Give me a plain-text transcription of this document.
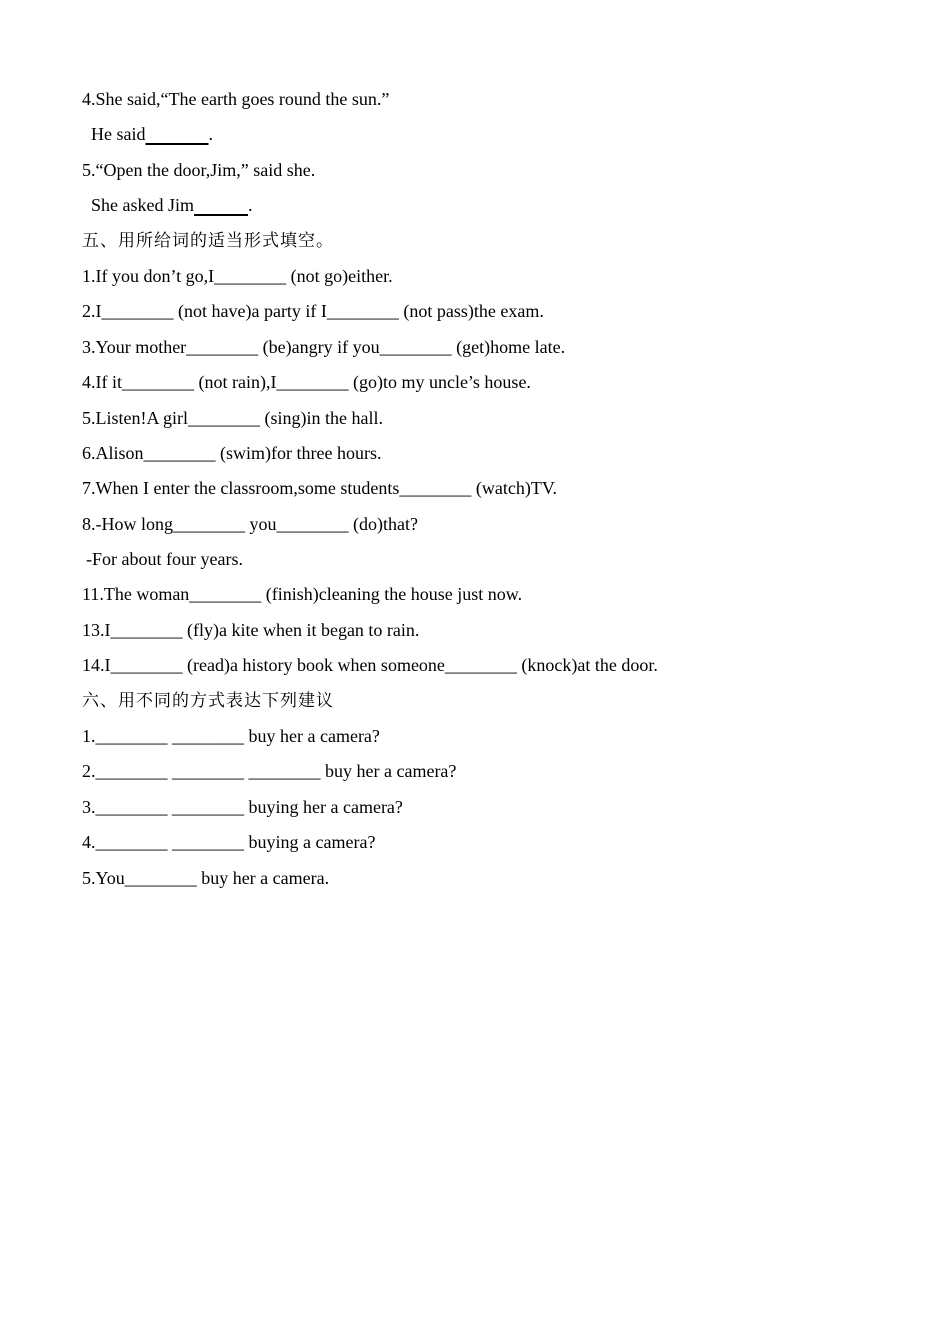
4.She said,“The earth goes round the sun.”
He said	.
5.“Open the door,Jim,” said she.
She asked Jim	.
五、用所给词的适当形式填空。
1.If you don’t go,I________ (not go)either.
2.I________ (not have)a party if I________ (not pass)the exam.
3.Your mother________ (be)angry if you________ (get)home late.
4.If it________ (not rain),I________ (go)to my uncle’s house.
5.Listen!A girl________ (sing)in the hall.
6.Alison________ (swim)for three hours.
7.When I enter the classroom,some students________ (watch)TV.
8.-How long________ you________ (do)that?
-For about four years.
11.The woman________ (finish)cleaning the house just now.
13.I________ (fly)a kite when it began to rain.
14.I________ (read)a history book when someone________ (knock)at the door.
六、用不同的方式表达下列建议
1.________ ________ buy her a camera?
2.________ ________ ________ buy her a camera?
3.________ ________ buying her a camera?
4.________ ________ buying a camera?
5.You________ buy her a camera.
